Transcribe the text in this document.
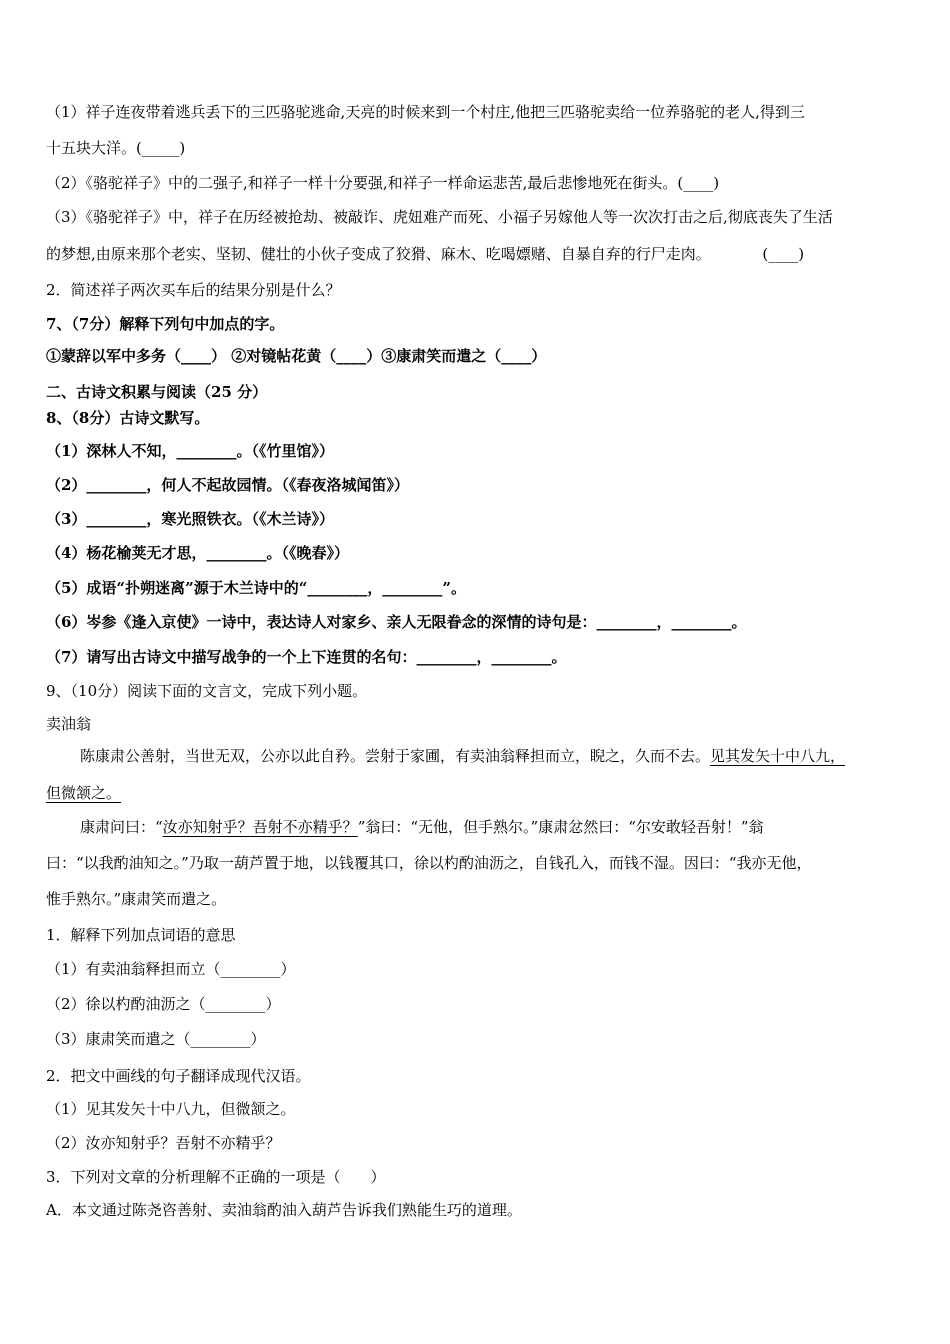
（1）祥子连夜带着逃兵丢下的三匹骆驼逃命,天亮的时候来到一个村庄,他把三匹骆驼卖给一位养骆驼的老人,得到三
十五块大洋。(_____)
（2）《骆驼祥子》中的二强子,和祥子一样十分要强,和祥子一样命运悲苦,最后悲惨地死在街头。(____)
（3）《骆驼祥子》中，祥子在历经被抢劫、被敲诈、虎妞难产而死、小福子另嫁他人等一次次打击之后,彻底丧失了生活
的梦想,由原来那个老实、坚韧、健壮的小伙子变成了狡猾、麻木、吃喝嫖赌、自暴自弃的行尸走肉。	(____)
2．简述祥子两次买车后的结果分别是什么？
7、（7分）解释下列句中加点的字。
①蒙辞以军中多务（____） ②对镜帖花黄（____）③康肃笑而遣之（____）
二、古诗文积累与阅读（25 分）
8、（8分）古诗文默写。
（1）深林人不知，________。（《竹里馆》）
（2）________，何人不起故园情。（《春夜洛城闻笛》）
（3）________，寒光照铁衣。（《木兰诗》）
（4）杨花榆荚无才思，________。（《晚春》）
（5）成语“扑朔迷离”源于木兰诗中的“________，________”。
（6）岑参《逢入京使》一诗中，表达诗人对家乡、亲人无限眷念的深情的诗句是：________，________。
（7）请写出古诗文中描写战争的一个上下连贯的名句：________，________。
9、（10分）阅读下面的文言文，完成下列小题。
卖油翁
陈康肃公善射，当世无双，公亦以此自矜。尝射于家圃，有卖油翁释担而立，睨之，久而不去。见其发矢十中八九，
但微颔之。
康肃问曰：“汝亦知射乎？吾射不亦精乎？”翁曰：“无他，但手熟尔。”康肃忿然曰：“尔安敢轻吾射！”翁
曰：“以我酌油知之。”乃取一葫芦置于地，以钱覆其口，徐以杓酌油沥之，自钱孔入，而钱不湿。因曰：“我亦无他，
惟手熟尔。”康肃笑而遣之。
1．解释下列加点词语的意思
（1）有卖油翁释担而立（________）
（2）徐以杓酌油沥之（________）
（3）康肃笑而遣之（________）
2．把文中画线的句子翻译成现代汉语。
（1）见其发矢十中八九，但微颔之。
（2）汝亦知射乎？吾射不亦精乎？
3．下列对文章的分析理解不正确的一项是（　　）
A．本文通过陈尧咨善射、卖油翁酌油入葫芦告诉我们熟能生巧的道理。
